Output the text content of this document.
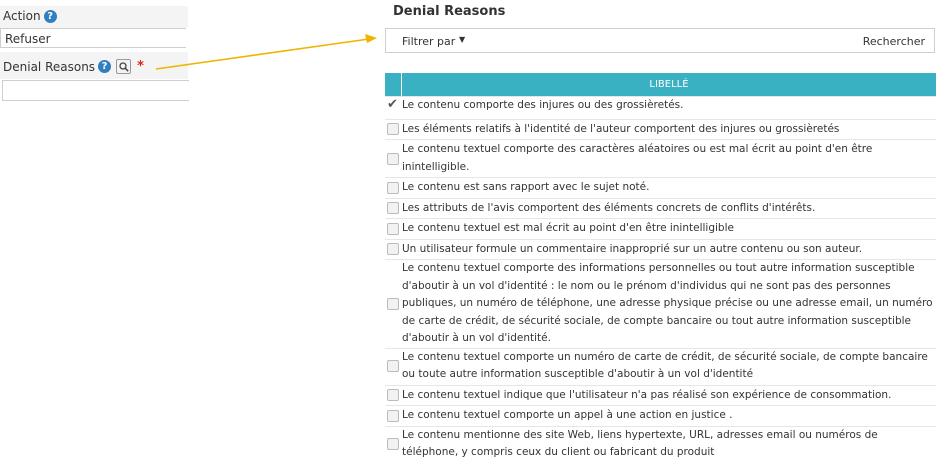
Action ?
Refuser
Denial Reasons ? *
Denial Reasons
Filtrer par ▼	Rechercher
LIBELLÉ
✔
Le contenu comporte des injures ou des grossièretés.
Les éléments relatifs à l'identité de l'auteur comportent des injures ou grossièretés
Le contenu textuel comporte des caractères aléatoires ou est mal écrit au point d'en être inintelligible.
Le contenu est sans rapport avec le sujet noté.
Les attributs de l'avis comportent des éléments concrets de conflits d'intérêts.
Le contenu textuel est mal écrit au point d'en être inintelligible
Un utilisateur formule un commentaire inapproprié sur un autre contenu ou son auteur.
Le contenu textuel comporte des informations personnelles ou tout autre information susceptible d'aboutir à un vol d'identité : le nom ou le prénom d'individus qui ne sont pas des personnes publiques, un numéro de téléphone, une adresse physique précise ou une adresse email, un numéro de carte de crédit, de sécurité sociale, de compte bancaire ou tout autre information susceptible d'aboutir à un vol d'identité.
Le contenu textuel comporte un numéro de carte de crédit, de sécurité sociale, de compte bancaire ou toute autre information susceptible d'aboutir à un vol d'identité
Le contenu textuel indique que l'utilisateur n'a pas réalisé son expérience de consommation.
Le contenu textuel comporte un appel à une action en justice .
Le contenu mentionne des site Web, liens hypertexte, URL, adresses email ou numéros de téléphone, y compris ceux du client ou fabricant du produit
